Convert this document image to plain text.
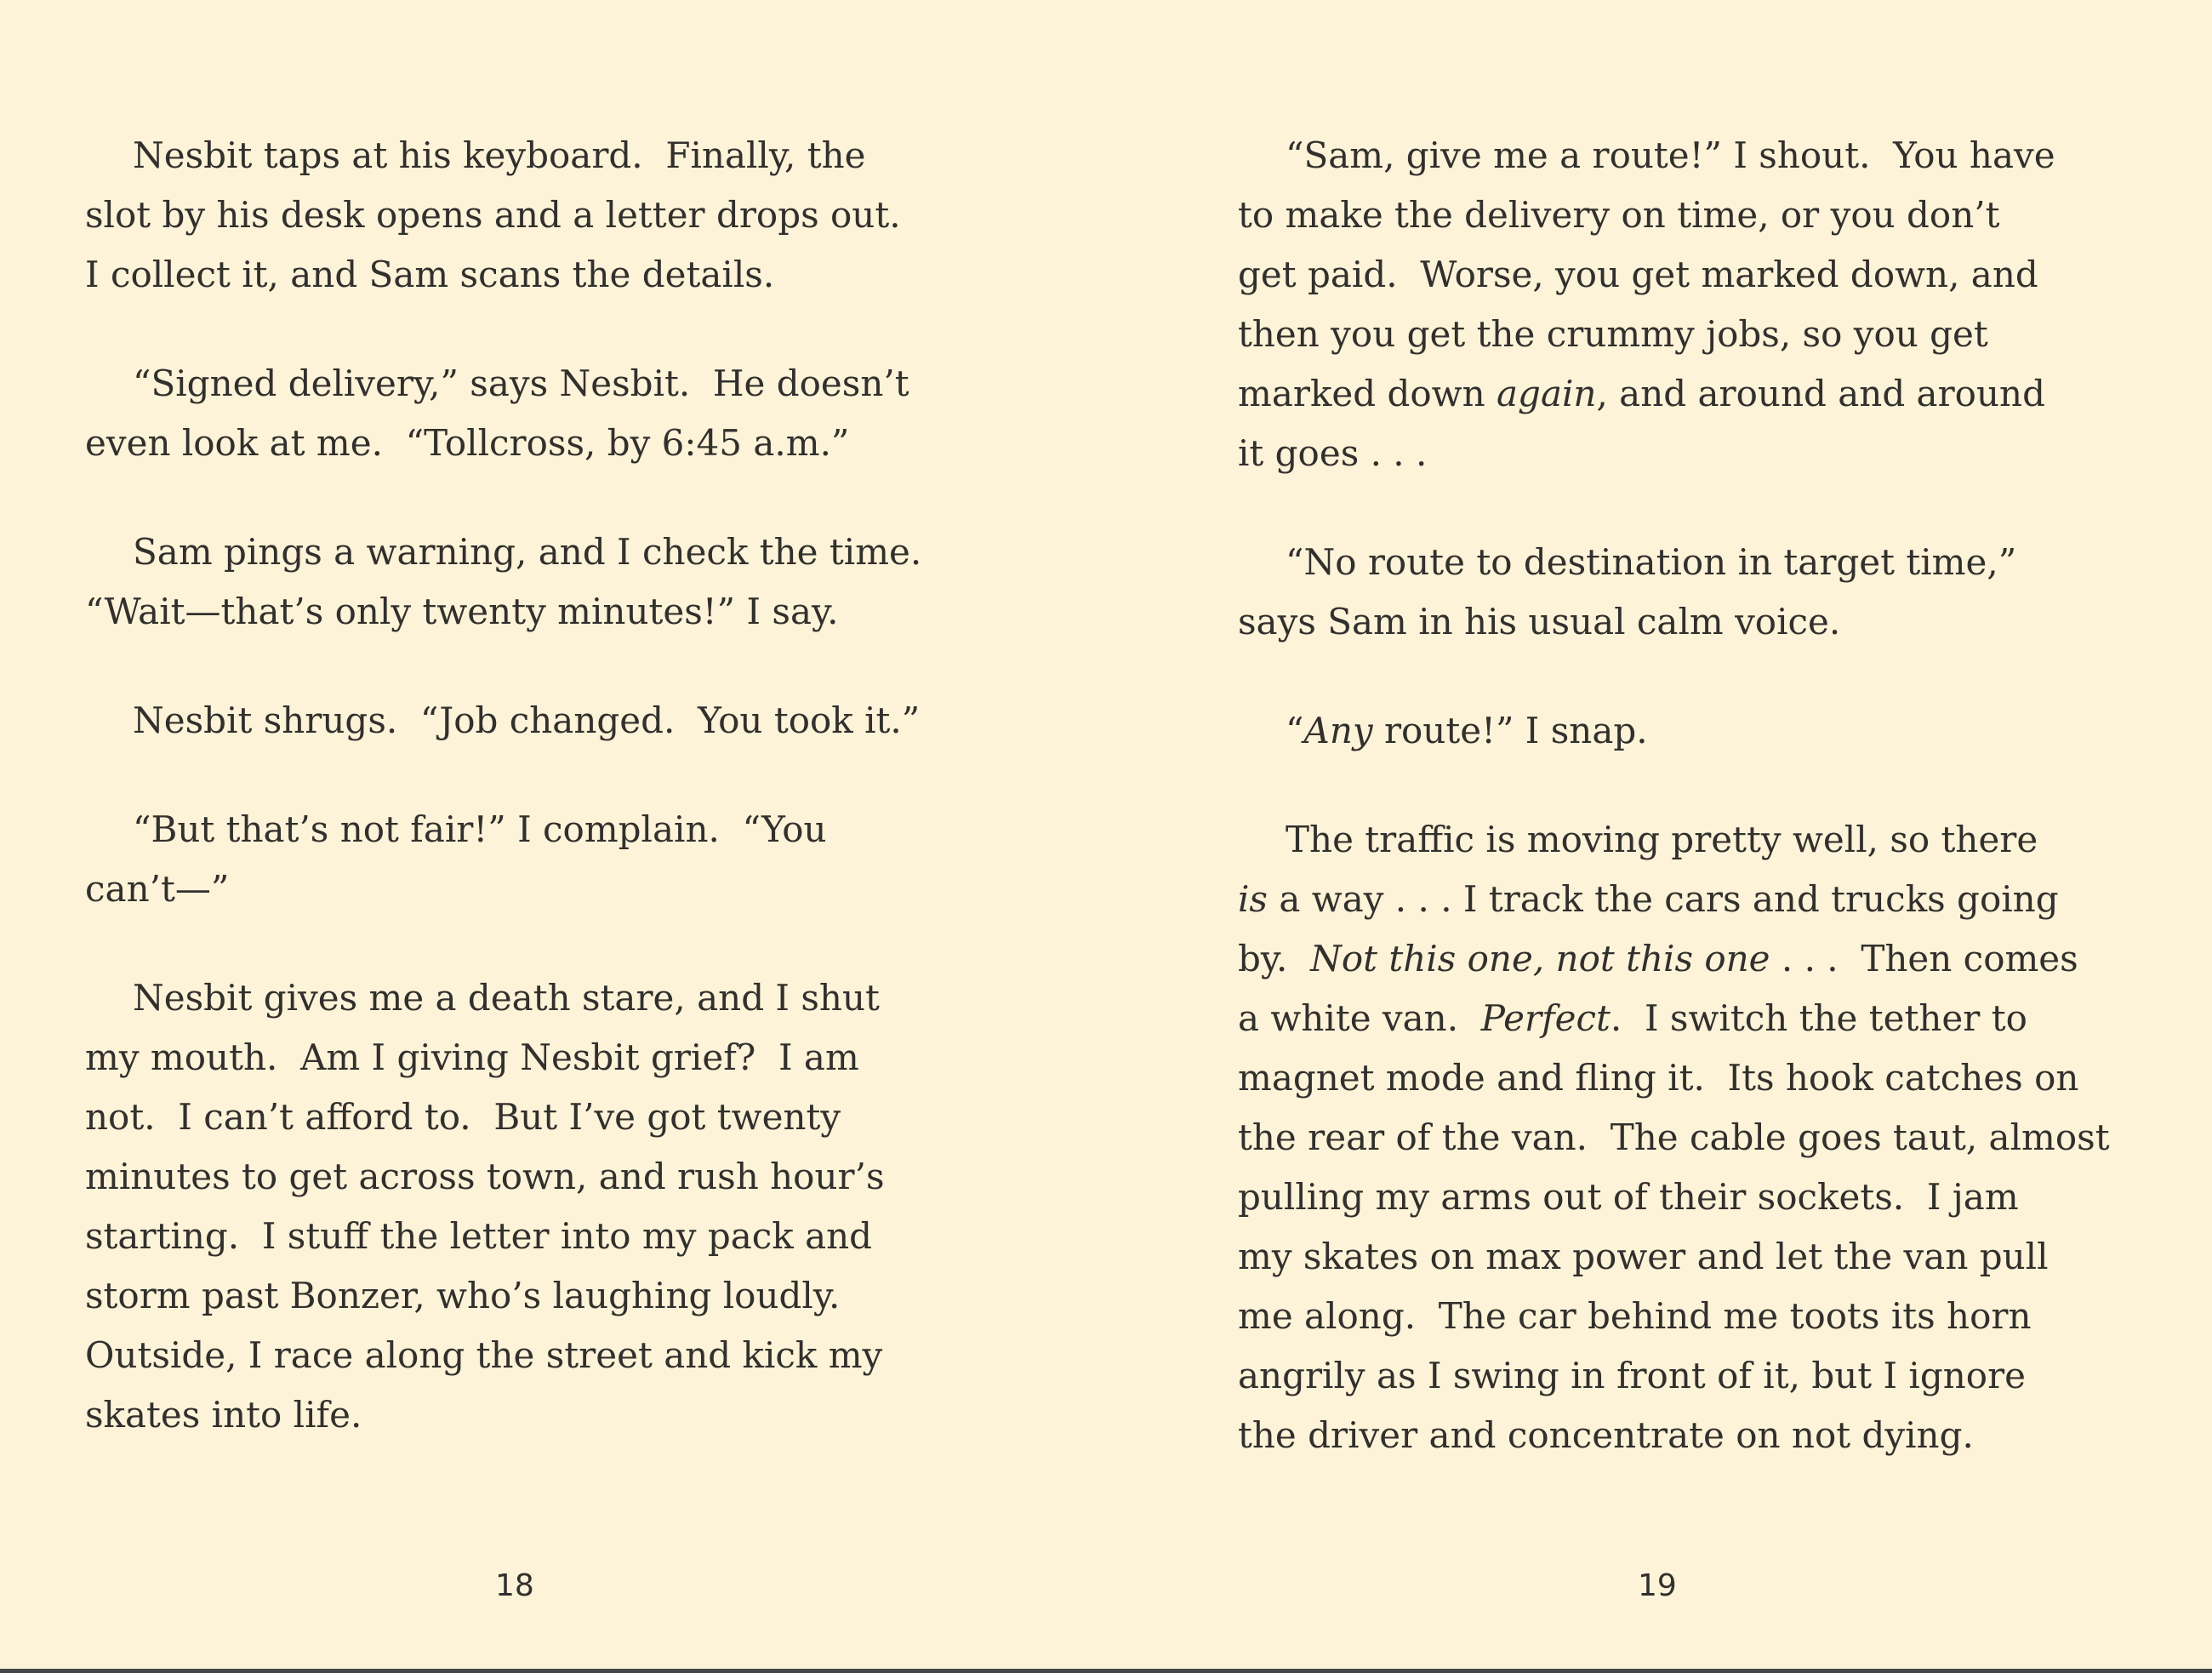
Nesbit taps at his keyboard.  Finally, the
slot by his desk opens and a letter drops out.
I collect it, and Sam scans the details.
“Signed delivery,” says Nesbit.  He doesn’t
even look at me.  “Tollcross, by 6:45 a.m.”
Sam pings a warning, and I check the time.
“Wait—that’s only twenty minutes!” I say.
Nesbit shrugs.  “Job changed.  You took it.”
“But that’s not fair!” I complain.  “You
can’t—”
Nesbit gives me a death stare, and I shut
my mouth.  Am I giving Nesbit grief?  I am
not.  I can’t afford to.  But I’ve got twenty
minutes to get across town, and rush hour’s
starting.  I stuff the letter into my pack and
storm past Bonzer, who’s laughing loudly.
Outside, I race along the street and kick my
skates into life.
18
“Sam, give me a route!” I shout.  You have
to make the delivery on time, or you don’t
get paid.  Worse, you get marked down, and
then you get the crummy jobs, so you get
marked down again, and around and around
it goes . . .
“No route to destination in target time,”
says Sam in his usual calm voice.
“Any route!” I snap.
The traffic is moving pretty well, so there
is a way . . . I track the cars and trucks going
by.  Not this one, not this one . . .  Then comes
a white van.  Perfect.  I switch the tether to
magnet mode and fling it.  Its hook catches on
the rear of the van.  The cable goes taut, almost
pulling my arms out of their sockets.  I jam
my skates on max power and let the van pull
me along.  The car behind me toots its horn
angrily as I swing in front of it, but I ignore
the driver and concentrate on not dying.
19
